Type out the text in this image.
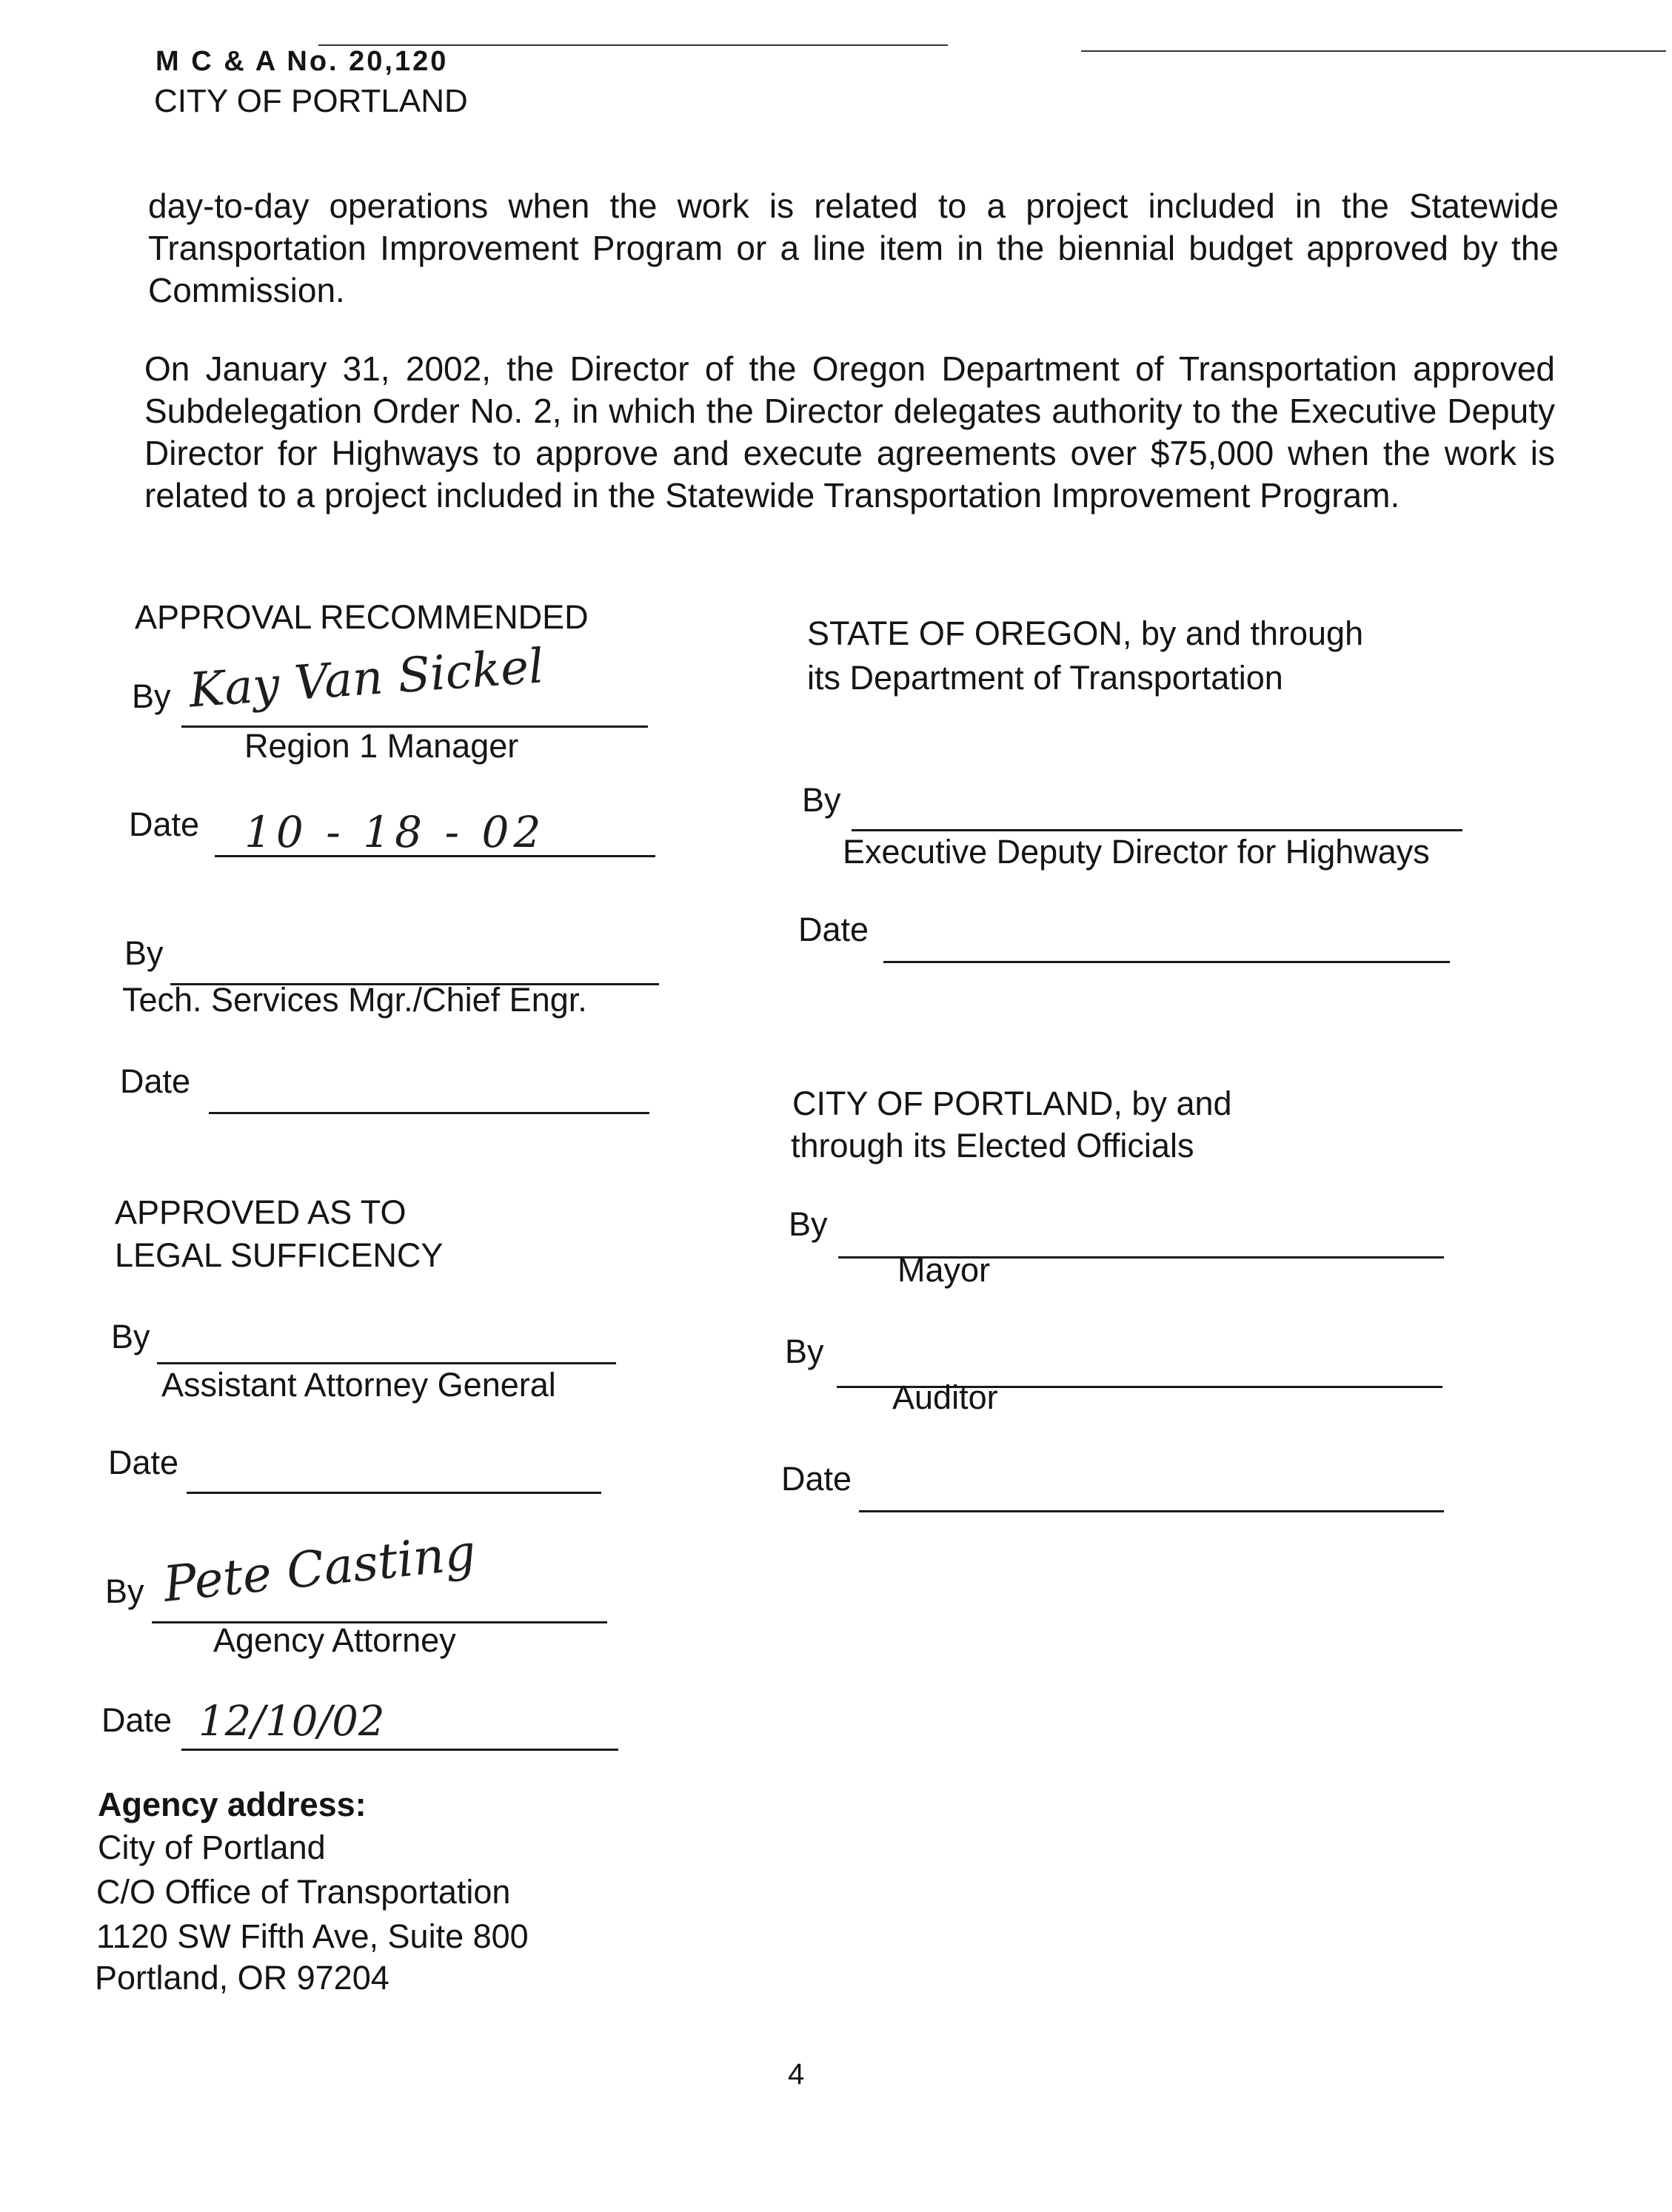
M C & A No. 20,120
CITY OF PORTLAND
day-to-day operations when the work is related to a project included in the Statewide Transportation Improvement Program or a line item in the biennial budget approved by the Commission.
On January 31, 2002, the Director of the Oregon Department of Transportation approved Subdelegation Order No. 2, in which the Director delegates authority to the Executive Deputy Director for Highways to approve and execute agreements over $75,000 when the work is related to a project included in the Statewide Transportation Improvement Program.
APPROVAL RECOMMENDED
By Kay Van Sickel
Region 1 Manager
Date 10 - 18 - 02
By
Tech. Services Mgr./Chief Engr.
Date
APPROVED AS TO
LEGAL SUFFICENCY
By
Assistant Attorney General
Date
By Pete Casting
Agency Attorney
Date 12/10/02
Agency address:
City of Portland
C/O Office of Transportation
1120 SW Fifth Ave, Suite 800
Portland, OR 97204
STATE OF OREGON, by and through
its Department of Transportation
By
Executive Deputy Director for Highways
Date
CITY OF PORTLAND, by and
through its Elected Officials
By
Mayor
By
Auditor
Date
4
